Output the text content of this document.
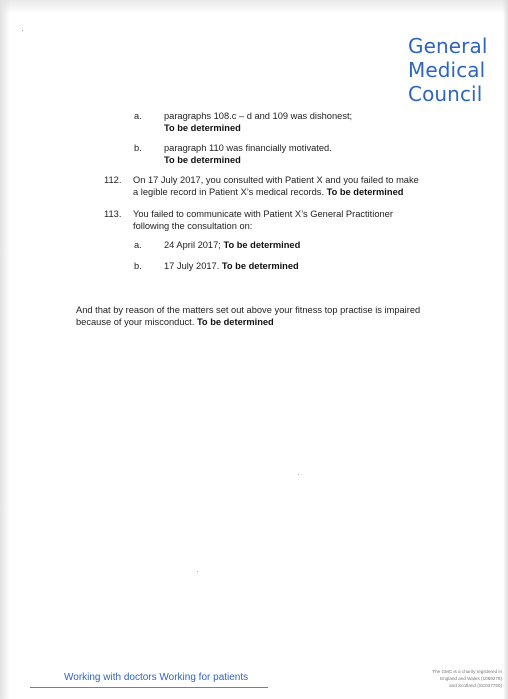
General
Medical
Council
a. paragraphs 108.c – d and 109 was dishonest;
To be determined
b. paragraph 110 was financially motivated.
To be determined
112. On 17 July 2017, you consulted with Patient X and you failed to make
a legible record in Patient X’s medical records. To be determined
113. You failed to communicate with Patient X’s General Practitioner
following the consultation on:
a. 24 April 2017; To be determined
b. 17 July 2017. To be determined
And that by reason of the matters set out above your fitness top practise is impaired
because of your misconduct. To be determined
Working with doctors Working for patients
The GMC is a charity registered in
England and Wales (1089278)
and Scotland (SC037750)
